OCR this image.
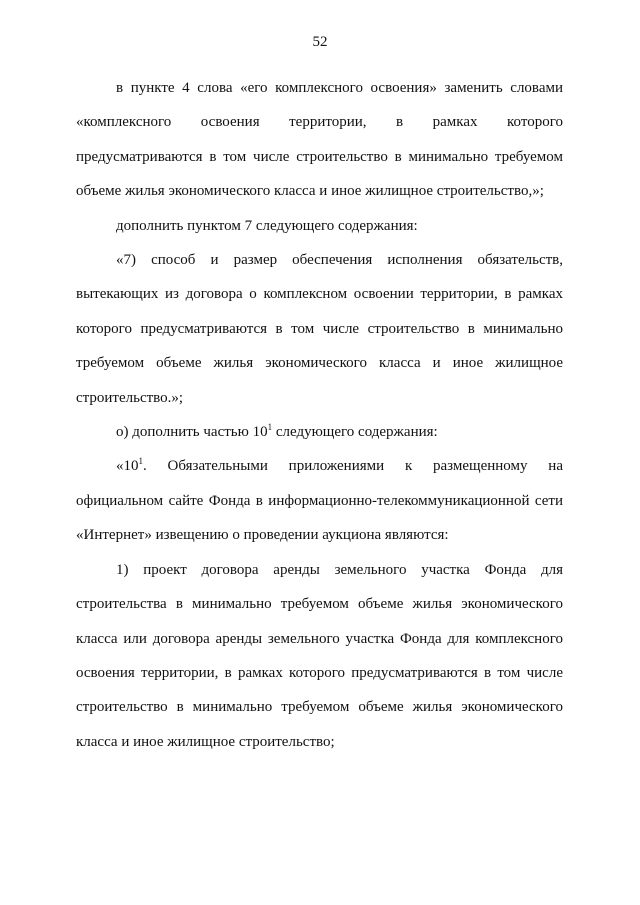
52

в пункте 4 слова «его комплексного освоения» заменить словами «комплексного освоения территории, в рамках которого предусматриваются в том числе строительство в минимально требуемом объеме жилья экономического класса и иное жилищное строительство,»;

дополнить пунктом 7 следующего содержания:

«7) способ и размер обеспечения исполнения обязательств, вытекающих из договора о комплексном освоении территории, в рамках которого предусматриваются в том числе строительство в минимально требуемом объеме жилья экономического класса и иное жилищное строительство.»;

о) дополнить частью $10^1$ следующего содержания:

«$10^1$. Обязательными приложениями к размещенному на официальном сайте Фонда в информационно-телекоммуникационной сети «Интернет» извещению о проведении аукциона являются:

1) проект договора аренды земельного участка Фонда для строительства в минимально требуемом объеме жилья экономического класса или договора аренды земельного участка Фонда для комплексного освоения территории, в рамках которого предусматриваются в том числе строительство в минимально требуемом объеме жилья экономического класса и иное жилищное строительство;
